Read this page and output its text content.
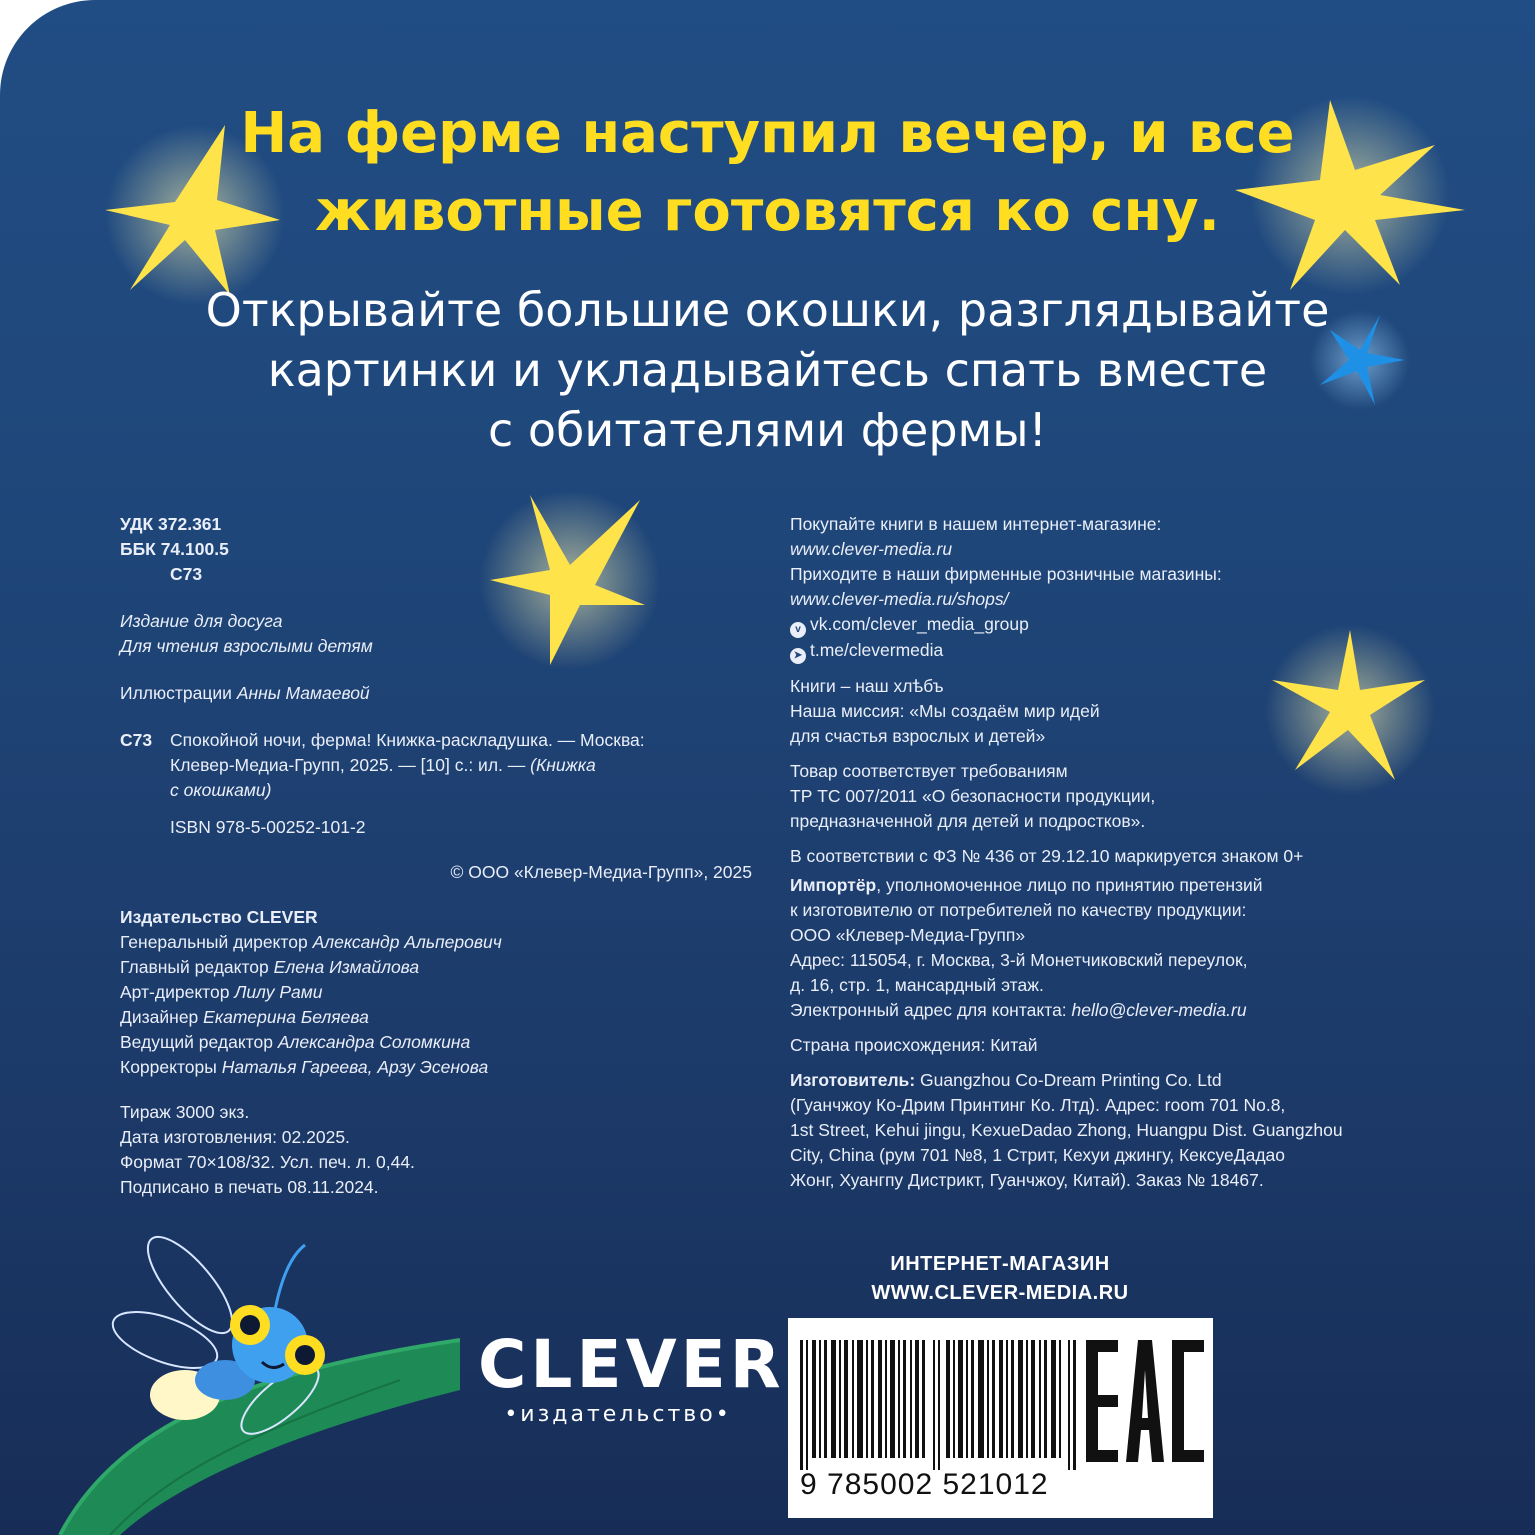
На ферме наступил вечер, и все
животные готовятся ко сну.
Открывайте большие окошки, разглядывайте
картинки и укладывайтесь спать вместе
с обитателями фермы!

УДК 372.361

ББК 74.100.5

С73

Издание для досуга

Для чтения взрослыми детям

Иллюстрации Анны Мамаевой

С73	Спокойной ночи, ферма! Книжка-раскладушка. — Москва:

Клевер-Медиа-Групп, 2025. — [10] с.: ил. — (Книжка

с окошками)

ISBN 978-5-00252-101-2

© ООО «Клевер-Медиа-Групп», 2025

Издательство CLEVER

Генеральный директор Александр Альперович

Главный редактор Елена Измайлова

Арт-директор Лилу Рами

Дизайнер Екатерина Беляева

Ведущий редактор Александра Соломкина

Корректоры Наталья Гареева, Арзу Эсенова

Тираж 3000 экз.

Дата изготовления: 02.2025.

Формат 70×108/32. Усл. печ. л. 0,44.

Подписано в печать 08.11.2024.

Покупайте книги в нашем интернет-магазине:

www.clever-media.ru

Приходите в наши фирменные розничные магазины:

www.clever-media.ru/shops/

v vk.com/clever_media_group

➤ t.me/clevermedia

Книги – наш хлѣбъ

Наша миссия: «Мы создаём мир идей

для счастья взрослых и детей»

Товар соответствует требованиям

ТР ТС 007/2011 «О безопасности продукции,

предназначенной для детей и подростков».

В соответствии с ФЗ № 436 от 29.12.10 маркируется знаком 0+

Импортёр, уполномоченное лицо по принятию претензий

к изготовителю от потребителей по качеству продукции:

ООО «Клевер-Медиа-Групп»

Адрес: 115054, г. Москва, 3-й Монетчиковский переулок,

д. 16, стр. 1, мансардный этаж.

Электронный адрес для контакта: hello@clever-media.ru

Страна происхождения: Китай

Изготовитель: Guangzhou Co-Dream Printing Co. Ltd

(Гуанчжоу Ко-Дрим Принтинг Ко. Лтд). Адрес: room 701 No.8,

1st Street, Kehui jingu, KexueDadao Zhong, Huangpu Dist. Guangzhou

City, China (рум 701 №8, 1 Стрит, Кехуи джингу, КексуеДадао

Жонг, Хуангпу Дистрикт, Гуанчжоу, Китай). Заказ № 18467.

ИНТЕРНЕТ-МАГАЗИН
WWW.CLEVER-MEDIA.RU
CLEVER
•издательство•
9 785002 521012
